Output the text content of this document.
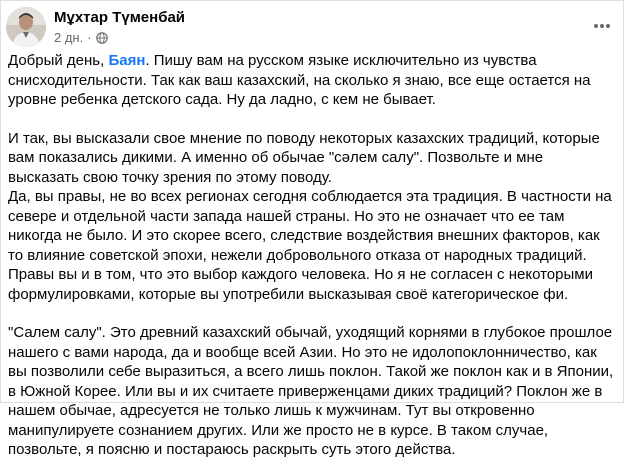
Мұхтар Түменбай
2 дн. ·

Добрый день, Баян. Пишу вам на русском языке исключительно из чувства снисходительности. Так как ваш казахский, на сколько я знаю, все еще остается на уровне ребенка детского сада. Ну да ладно, с кем не бывает.

И так, вы высказали свое мнение по поводу некоторых казахских традиций, которые вам показались дикими. А именно об обычае "сәлем салу". Позвольте и мне высказать свою точку зрения по этому поводу.

Да, вы правы, не во всех регионах сегодня соблюдается эта традиция. В частности на севере и отдельной части запада нашей страны. Но это не означает что ее там никогда не было. И это скорее всего, следствие воздействия внешних факторов, как то влияние советской эпохи, нежели добровольного отказа от народных традиций.

Правы вы и в том, что это выбор каждого человека. Но я не согласен с некоторыми формулировками, которые вы употребили высказывая своё категорическое фи.

"Салем салу". Это древний казахский обычай, уходящий корнями в глубокое прошлое нашего с вами народа, да и вообще всей Азии. Но это не идолопоклонничество, как вы позволили себе выразиться, а всего лишь поклон. Такой же поклон как и в Японии, в Южной Корее. Или вы и их считаете приверженцами диких традиций? Поклон же в нашем обычае, адресуется не только лишь к мужчинам. Тут вы откровенно манипулируете сознанием других. Или же просто не в курсе. В таком случае, позвольте, я поясню и постараюсь раскрыть суть этого действа.
